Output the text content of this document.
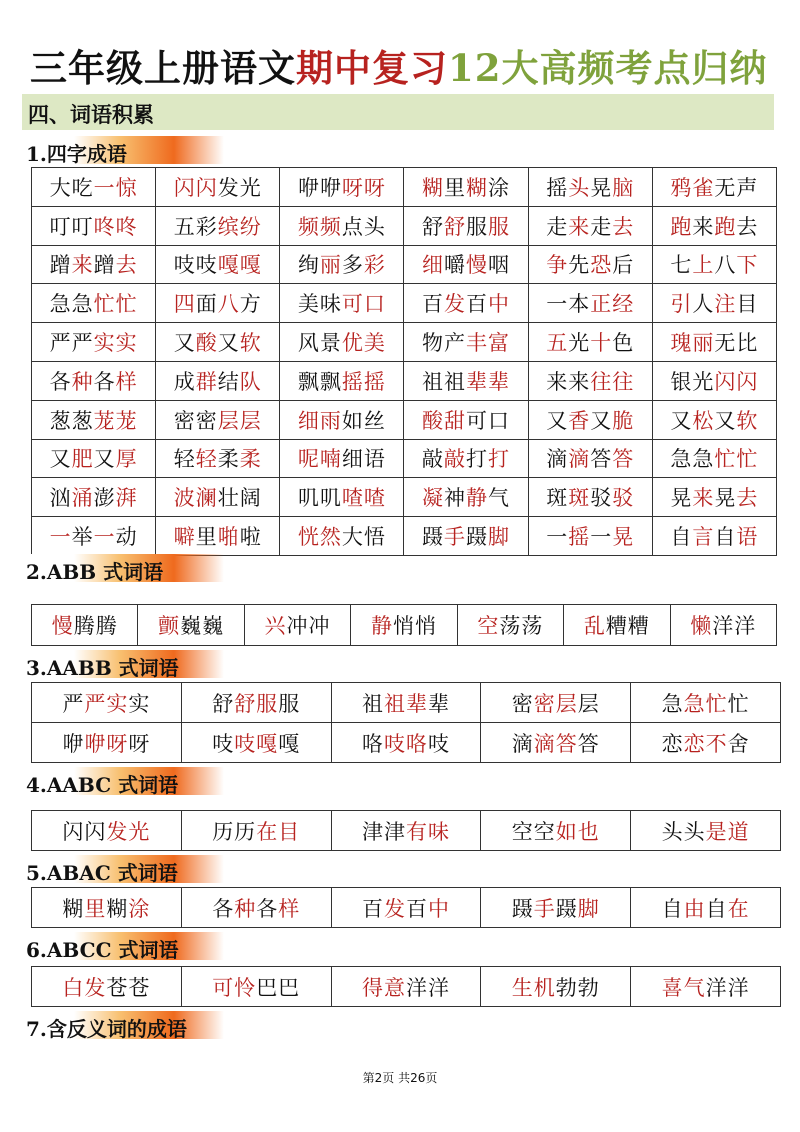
三年级上册语文期中复习12大高频考点归纳
四、词语积累
1.四字成语
大吃一惊	闪闪发光	咿咿呀呀	糊里糊涂	摇头晃脑	鸦雀无声
叮叮咚咚	五彩缤纷	频频点头	舒舒服服	走来走去	跑来跑去
蹭来蹭去	吱吱嘎嘎	绚丽多彩	细嚼慢咽	争先恐后	七上八下
急急忙忙	四面八方	美味可口	百发百中	一本正经	引人注目
严严实实	又酸又软	风景优美	物产丰富	五光十色	瑰丽无比
各种各样	成群结队	飘飘摇摇	祖祖辈辈	来来往往	银光闪闪
葱葱茏茏	密密层层	细雨如丝	酸甜可口	又香又脆	又松又软
又肥又厚	轻轻柔柔	呢喃细语	敲敲打打	滴滴答答	急急忙忙
汹涌澎湃	波澜壮阔	叽叽喳喳	凝神静气	斑斑驳驳	晃来晃去
一举一动	噼里啪啦	恍然大悟	蹑手蹑脚	一摇一晃	自言自语
2.ABB 式词语
慢腾腾	颤巍巍	兴冲冲	静悄悄	空荡荡	乱糟糟	懒洋洋
3.AABB 式词语
严严实实	舒舒服服	祖祖辈辈	密密层层	急急忙忙
咿咿呀呀	吱吱嘎嘎	咯吱咯吱	滴滴答答	恋恋不舍
4.AABC 式词语
闪闪发光	历历在目	津津有味	空空如也	头头是道
5.ABAC 式词语
糊里糊涂	各种各样	百发百中	蹑手蹑脚	自由自在
6.ABCC 式词语
白发苍苍	可怜巴巴	得意洋洋	生机勃勃	喜气洋洋
7.含反义词的成语
第2页 共26页
